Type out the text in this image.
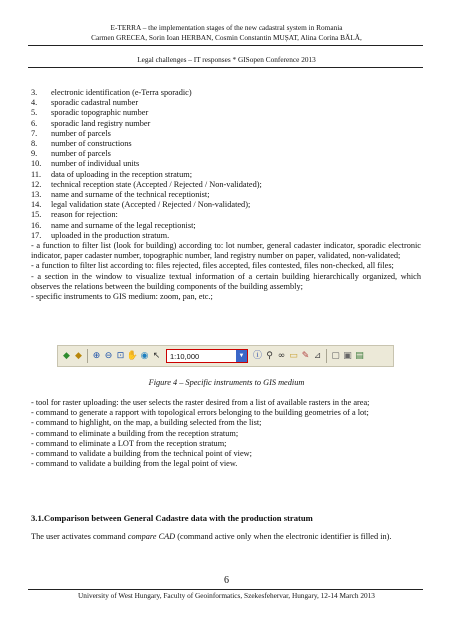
E-TERRA – the implementation stages of the new cadastral system in Romania
Carmen GRECEA, Sorin Ioan HERBAN, Cosmin Constantin MUȘAT, Alina Corina BĂLĂ,
Legal challenges – IT responses * GISopen Conference 2013
3.	electronic identification (e-Terra sporadic)
4.	sporadic cadastral number
5.	sporadic topographic number
6.	sporadic land registry number
7.	number of parcels
8.	number of constructions
9.	number of parcels
10.	number of individual units
11.	data of uploading in the reception stratum;
12.	technical reception state (Accepted / Rejected / Non-validated);
13.	name and surname of the technical receptionist;
14.	legal validation state (Accepted / Rejected / Non-validated);
15.	reason for rejection:
16.	name and surname of the legal receptionist;
17.	uploaded in the production stratum.

- a function to filter list (look for building) according to: lot number, general cadaster indicator, sporadic electronic indicator, paper cadaster number, topographic number, land registry number on paper, validated, non-validated;

- a function to filter list according to: files rejected, files accepted, files contested, files non-checked, all files;

- a section in the window to visualize textual information of a certain building hierarchically organized, which observes the relations between the building components of the building assembly;

- specific instruments to GIS medium: zoom, pan, etc.;

◆ ◆ ⊕ ⊖ ⊡ ✋ ◉ ↖	1:10,000	▼ ⓘ ⚲ ∞ ▭ ✎ ⊿ ▢ ▣ ▤
Figure 4 – Specific instruments to GIS medium

- tool for raster uploading: the user selects the raster desired from a list of available rasters in the area;

- command to generate a rapport with topological errors belonging to the building geometries of a lot;

- command to highlight, on the map, a building selected from the list;

- command to eliminate a building from the reception stratum;

- command to eliminate a LOT from the reception stratum;

- command to validate a building from the technical point of view;

- command to validate a building from the legal point of view.

3.1.Comparison between General Cadastre data with the production stratum

The user activates command compare CAD (command active only when the electronic identifier is filled in).

6
University of West Hungary, Faculty of Geoinformatics, Szekesfehervar, Hungary, 12-14 March 2013
